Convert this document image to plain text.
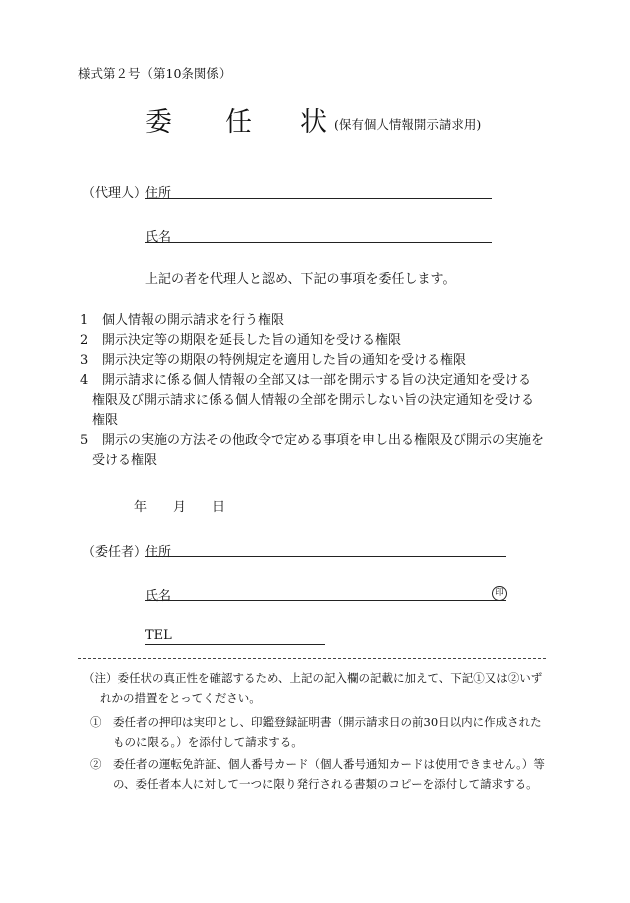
様式第２号（第10条関係）
委 任 状 (保有個人情報開示請求用)
（代理人）
住所
氏名
上記の者を代理人と認め、下記の事項を委任します。
1 個人情報の開示請求を行う権限
2 開示決定等の期限を延長した旨の通知を受ける権限
3 開示決定等の期限の特例規定を適用した旨の通知を受ける権限
4 開示請求に係る個人情報の全部又は一部を開示する旨の決定通知を受ける
権限及び開示請求に係る個人情報の全部を開示しない旨の決定通知を受ける
権限
5 開示の実施の方法その他政令で定める事項を申し出る権限及び開示の実施を
受ける権限
年 月 日
（委任者）
住所
氏名	印
TEL
（注）委任状の真正性を確認するため、上記の記入欄の記載に加えて、下記①又は②いず
れかの措置をとってください。
①　委任者の押印は実印とし、印鑑登録証明書（開示請求日の前30日以内に作成された
ものに限る。）を添付して請求する。
②　委任者の運転免許証、個人番号カード（個人番号通知カードは使用できません。）等
の、委任者本人に対して一つに限り発行される書類のコピーを添付して請求する。
